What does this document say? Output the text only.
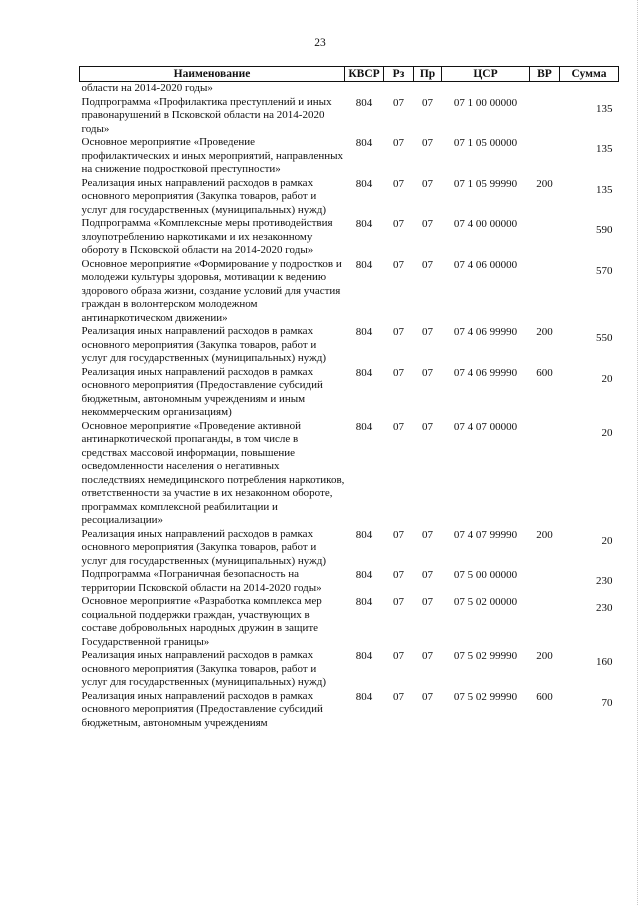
23
Наименование	КВСР	Рз	Пр	ЦСР	ВР	Сумма
области на 2014-2020 годы»						
Подпрограмма «Профилактика преступлений и иных правонарушений в Псковской области на 2014-2020 годы»	804	07	07	07 1 00 00000		135
Основное мероприятие «Проведение профилактических и иных мероприятий, направленных на снижение подростковой преступности»	804	07	07	07 1 05 00000		135
Реализация иных направлений расходов в рамках основного мероприятия (Закупка товаров, работ и услуг для государственных (муниципальных) нужд)	804	07	07	07 1 05 99990	200	135
Подпрограмма «Комплексные меры противодействия злоупотреблению наркотиками и их незаконному обороту в Псковской области на 2014-2020 годы»	804	07	07	07 4 00 00000		590
Основное мероприятие «Формирование у подростков и молодежи культуры здоровья, мотивации к ведению здорового образа жизни, создание условий для участия граждан в волонтерском молодежном антинаркотическом движении»	804	07	07	07 4 06 00000		570
Реализация иных направлений расходов в рамках основного мероприятия (Закупка товаров, работ и услуг для государственных (муниципальных) нужд)	804	07	07	07 4 06 99990	200	550
Реализация иных направлений расходов в рамках основного мероприятия (Предоставление субсидий бюджетным, автономным учреждениям и иным некоммерческим организациям)	804	07	07	07 4 06 99990	600	20
Основное мероприятие «Проведение активной антинаркотической пропаганды, в том числе в средствах массовой информации, повышение осведомленности населения о негативных последствиях немедицинского потребления наркотиков, ответственности за участие в их незаконном обороте, программах комплексной реабилитации и ресоциализации»	804	07	07	07 4 07 00000		20
Реализация иных направлений расходов в рамках основного мероприятия (Закупка товаров, работ и услуг для государственных (муниципальных) нужд)	804	07	07	07 4 07 99990	200	20
Подпрограмма «Пограничная безопасность на территории Псковской области на 2014-2020 годы»	804	07	07	07 5 00 00000		230
Основное мероприятие «Разработка комплекса мер социальной поддержки граждан, участвующих в составе добровольных народных дружин в защите Государственной границы»	804	07	07	07 5 02 00000		230
Реализация иных направлений расходов в рамках основного мероприятия (Закупка товаров, работ и услуг для государственных (муниципальных) нужд)	804	07	07	07 5 02 99990	200	160
Реализация иных направлений расходов в рамках основного мероприятия (Предоставление субсидий бюджетным, автономным учреждениям	804	07	07	07 5 02 99990	600	70
